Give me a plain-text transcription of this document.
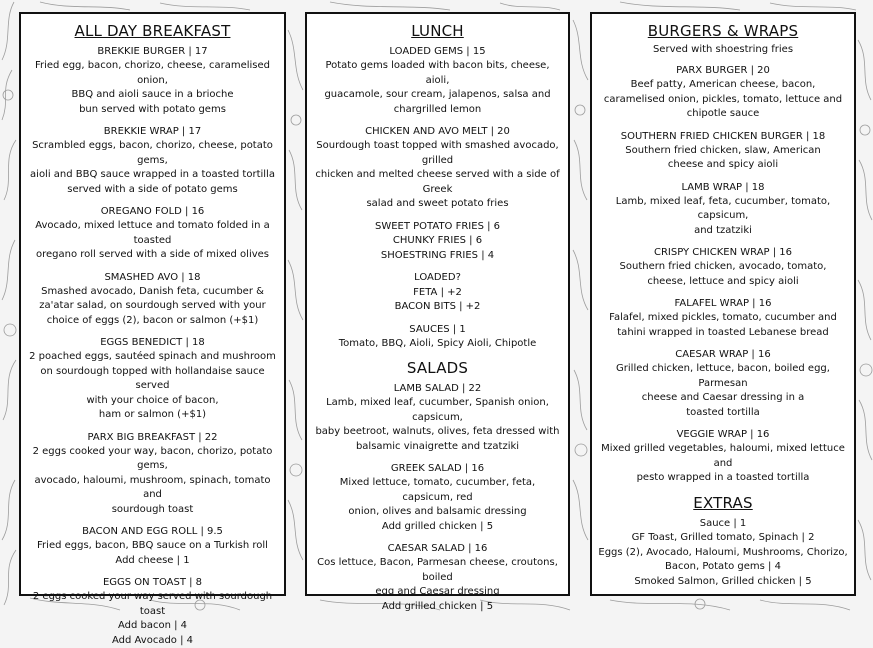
ALL DAY BREAKFAST
BREKKIE BURGER | 17
Fried egg, bacon, chorizo, cheese, caramelised onion,
BBQ and aioli sauce in a brioche
bun served with potato gems
BREKKIE WRAP | 17
Scrambled eggs, bacon, chorizo, cheese, potato gems,
aioli and BBQ sauce wrapped in a toasted tortilla
served with a side of potato gems
OREGANO FOLD | 16
Avocado, mixed lettuce and tomato folded in a toasted
oregano roll served with a side of mixed olives
SMASHED AVO | 18
Smashed avocado, Danish feta, cucumber &
za'atar salad, on sourdough served with your
choice of eggs (2), bacon or salmon (+$1)
EGGS BENEDICT | 18
2 poached eggs, sautéed spinach and mushroom
on sourdough topped with hollandaise sauce served
with your choice of bacon,
ham or salmon (+$1)
PARX BIG BREAKFAST | 22
2 eggs cooked your way, bacon, chorizo, potato gems,
avocado, haloumi, mushroom, spinach, tomato and
sourdough toast
BACON AND EGG ROLL | 9.5
Fried eggs, bacon, BBQ sauce on a Turkish roll
Add cheese | 1
EGGS ON TOAST | 8
2 eggs cooked your way served with sourdough toast
Add bacon | 4
Add Avocado | 4
LUNCH
LOADED GEMS | 15
Potato gems loaded with bacon bits, cheese, aioli,
guacamole, sour cream, jalapenos, salsa and
chargrilled lemon
CHICKEN AND AVO MELT | 20
Sourdough toast topped with smashed avocado, grilled
chicken and melted cheese served with a side of Greek
salad and sweet potato fries
SWEET POTATO FRIES | 6
CHUNKY FRIES | 6
SHOESTRING FRIES | 4
LOADED?
FETA | +2
BACON BITS | +2
SAUCES | 1
Tomato, BBQ, Aioli, Spicy Aioli, Chipotle
SALADS
LAMB SALAD | 22
Lamb, mixed leaf, cucumber, Spanish onion, capsicum,
baby beetroot, walnuts, olives, feta dressed with
balsamic vinaigrette and tzatziki
GREEK SALAD | 16
Mixed lettuce, tomato, cucumber, feta, capsicum, red
onion, olives and balsamic dressing
Add grilled chicken | 5
CAESAR SALAD | 16
Cos lettuce, Bacon, Parmesan cheese, croutons, boiled
egg and Caesar dressing
Add grilled chicken | 5
BURGERS & WRAPS
Served with shoestring fries
PARX BURGER | 20
Beef patty, American cheese, bacon,
caramelised onion, pickles, tomato, lettuce and
chipotle sauce
SOUTHERN FRIED CHICKEN BURGER | 18
Southern fried chicken, slaw, American
cheese and spicy aioli
LAMB WRAP | 18
Lamb, mixed leaf, feta, cucumber, tomato, capsicum,
and tzatziki
CRISPY CHICKEN WRAP | 16
Southern fried chicken, avocado, tomato,
cheese, lettuce and spicy aioli
FALAFEL WRAP | 16
Falafel, mixed pickles, tomato, cucumber and
tahini wrapped in toasted Lebanese bread
CAESAR WRAP | 16
Grilled chicken, lettuce, bacon, boiled egg, Parmesan
cheese and Caesar dressing in a
toasted tortilla
VEGGIE WRAP | 16
Mixed grilled vegetables, haloumi, mixed lettuce and
pesto wrapped in a toasted tortilla
EXTRAS
Sauce | 1
GF Toast, Grilled tomato, Spinach | 2
Eggs (2), Avocado, Haloumi, Mushrooms, Chorizo,
Bacon, Potato gems | 4
Smoked Salmon, Grilled chicken | 5
